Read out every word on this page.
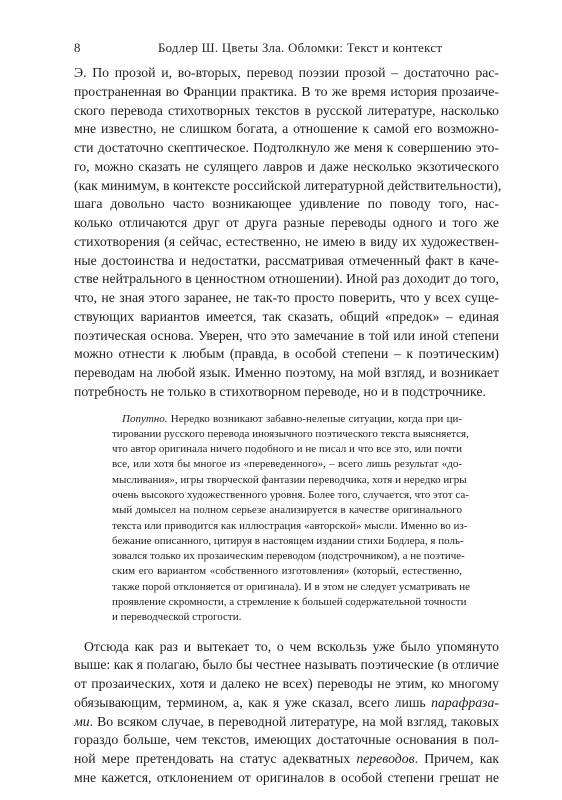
8	Бодлер Ш. Цветы Зла. Обломки: Текст и контекст
Э. По прозой и, во-вторых, перевод поэзии прозой – достаточно рас-
пространенная во Франции практика. В то же время история прозаиче-
ского перевода стихотворных текстов в русской литературе, насколько
мне известно, не слишком богата, а отношение к самой его возможно-
сти достаточно скептическое. Подтолкнуло же меня к совершению это-
го, можно сказать не сулящего лавров и даже несколько экзотического
(как минимум, в контексте российской литературной действительности),
шага довольно часто возникающее удивление по поводу того, нас-
колько отличаются друг от друга разные переводы одного и того же
стихотворения (я сейчас, естественно, не имею в виду их художествен-
ные достоинства и недостатки, рассматривая отмеченный факт в каче-
стве нейтрального в ценностном отношении). Иной раз доходит до того,
что, не зная этого заранее, не так-то просто поверить, что у всех суще-
ствующих вариантов имеется, так сказать, общий «предок» – единая
поэтическая основа. Уверен, что это замечание в той или иной степени
можно отнести к любым (правда, в особой степени – к поэтическим)
переводам на любой язык. Именно поэтому, на мой взгляд, и возникает
потребность не только в стихотворном переводе, но и в подстрочнике.
Попутно. Нередко возникают забавно-нелепые ситуации, когда при ци-
тировании русского перевода иноязычного поэтического текста выясняется,
что автор оригинала ничего подобного и не писал и что все это, или почти
все, или хотя бы многое из «переведенного», – всего лишь результат «до-
мысливания», игры творческой фантазии переводчика, хотя и нередко игры
очень высокого художественного уровня. Более того, случается, что этот са-
мый домысел на полном серьезе анализируется в качестве оригинального
текста или приводится как иллюстрация «авторской» мысли. Именно во из-
бежание описанного, цитируя в настоящем издании стихи Бодлера, я поль-
зовался только их прозаическим переводом (подстрочником), а не поэтиче-
ским его вариантом «собственного изготовления» (который, естественно,
также порой отклоняется от оригинала). И в этом не следует усматривать не
проявление скромности, а стремление к большей содержательной точности
и переводческой строгости.
Отсюда как раз и вытекает то, о чем вскользь уже было упомянуто
выше: как я полагаю, было бы честнее называть поэтические (в отличие
от прозаических, хотя и далеко не всех) переводы не этим, ко многому
обязывающим, термином, а, как я уже сказал, всего лишь парафраза-
ми. Во всяком случае, в переводной литературе, на мой взгляд, таковых
гораздо больше, чем текстов, имеющих достаточные основания в пол-
ной мере претендовать на статус адекватных переводов. Причем, как
мне кажется, отклонением от оригиналов в особой степени грешат не
